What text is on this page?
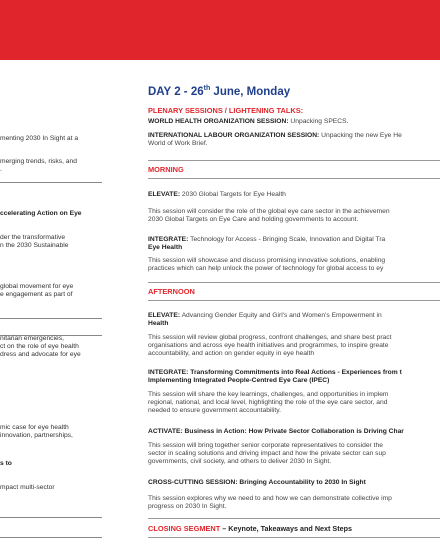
menting 2030 In Sight at a
merging trends, risks, and
.
ccelerating Action on Eye
der the transformative
n the 2030 Sustainable
global movement for eye
e engagement as part of
nitarian emergencies,
ct on the role of eye health
dress and advocate for eye
mic case for eye health
innovation, partnerships,
s to
mpact multi-sector
DAY 2 - 26th June, Monday
PLENARY SESSIONS / LIGHTENING TALKS:
WORLD HEALTH ORGANIZATION SESSION: Unpacking SPECS.
INTERNATIONAL LABOUR ORGANIZATION SESSION: Unpacking the new Eye He
World of Work Brief.
MORNING
ELEVATE: 2030 Global Targets for Eye Health
This session will consider the role of the global eye care sector in the achievemen
2030 Global Targets on Eye Care and holding governments to account.
INTEGRATE: Technology for Access - Bringing Scale, Innovation and Digital Tra
Eye Health
This session will showcase and discuss promising innovative solutions, enabling
practices which can help unlock the power of technology for global access to ey
AFTERNOON
ELEVATE: Advancing Gender Equity and Girl's and Women's Empowerment in
Health
This session will review global progress, confront challenges, and share best pract
organisations and across eye health initiatives and programmes, to inspire greate
accountability, and action on gender equity in eye health
INTEGRATE: Transforming Commitments into Real Actions - Experiences from t
Implementing Integrated People-Centred Eye Care (IPEC)
This session will share the key learnings, challenges, and opportunities in implem
regional, national, and local level, highlighting the role of the eye care sector, and
needed to ensure government accountability.
ACTIVATE: Business in Action: How Private Sector Collaboration is Driving Char
This session will bring together senior corporate representatives to consider the
sector in scaling solutions and driving impact and how the private sector can sup
governments, civil society, and others to deliver 2030 In Sight.
CROSS-CUTTING SESSION: Bringing Accountability to 2030 In Sight
This session explores why we need to and how we can demonstrate collective imp
progress on 2030 In Sight.
CLOSING SEGMENT – Keynote, Takeaways and Next Steps
